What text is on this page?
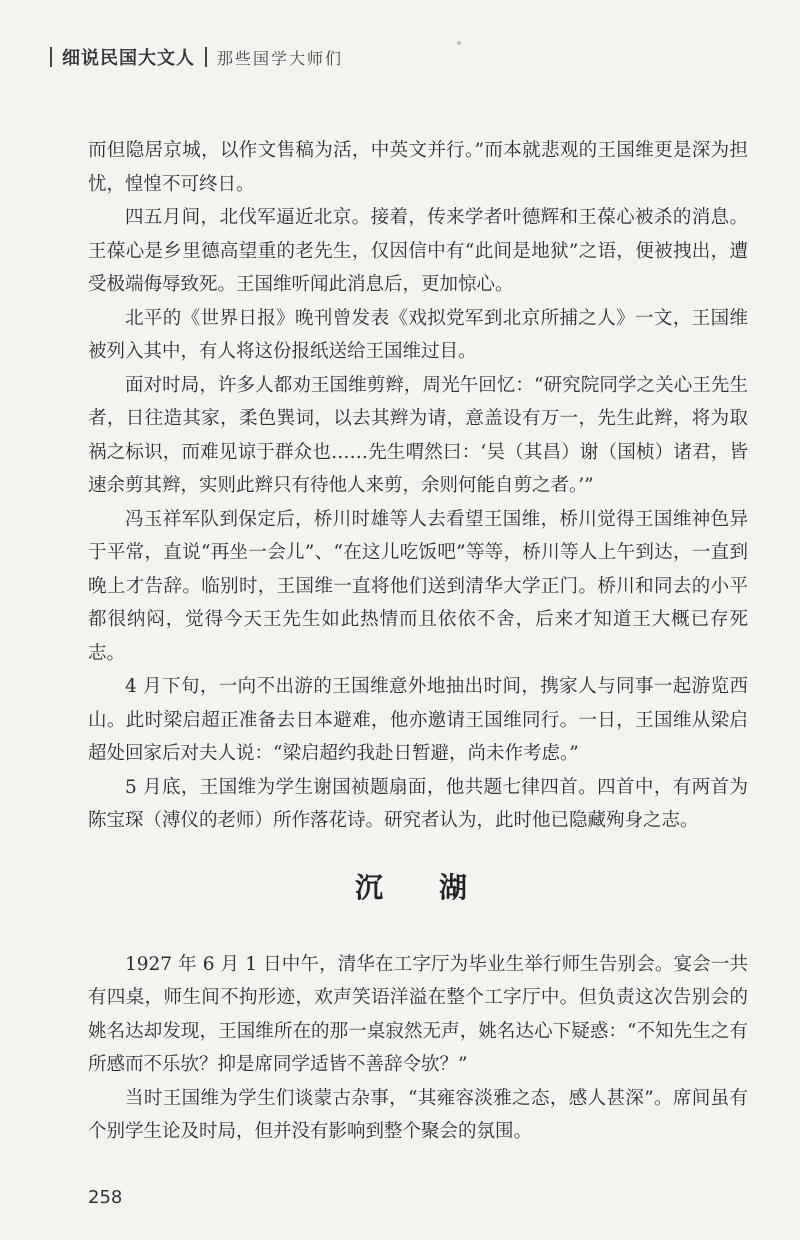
细说民国大文人 那些国学大师们

而但隐居京城，以作文售稿为活，中英文并行。”而本就悲观的王国维更是深为担忧，惶惶不可终日。

四五月间，北伐军逼近北京。接着，传来学者叶德辉和王葆心被杀的消息。王葆心是乡里德高望重的老先生，仅因信中有“此间是地狱”之语，便被拽出，遭受极端侮辱致死。王国维听闻此消息后，更加惊心。

北平的《世界日报》晚刊曾发表《戏拟党军到北京所捕之人》一文，王国维被列入其中，有人将这份报纸送给王国维过目。

面对时局，许多人都劝王国维剪辫，周光午回忆：“研究院同学之关心王先生者，日往造其家，柔色巽词，以去其辫为请，意盖设有万一，先生此辫，将为取祸之标识，而难见谅于群众也……先生喟然曰：‘吴（其昌）谢（国桢）诸君，皆速余剪其辫，实则此辫只有待他人来剪，余则何能自剪之者。’”

冯玉祥军队到保定后，桥川时雄等人去看望王国维，桥川觉得王国维神色异于平常，直说“再坐一会儿”、“在这儿吃饭吧”等等，桥川等人上午到达，一直到晚上才告辞。临别时，王国维一直将他们送到清华大学正门。桥川和同去的小平都很纳闷，觉得今天王先生如此热情而且依依不舍，后来才知道王大概已存死志。

4 月下旬，一向不出游的王国维意外地抽出时间，携家人与同事一起游览西山。此时梁启超正准备去日本避难，他亦邀请王国维同行。一日，王国维从梁启超处回家后对夫人说：“梁启超约我赴日暂避，尚未作考虑。”

5 月底，王国维为学生谢国祯题扇面，他共题七律四首。四首中，有两首为陈宝琛（溥仪的老师）所作落花诗。研究者认为，此时他已隐藏殉身之志。

沉　湖

1927 年 6 月 1 日中午，清华在工字厅为毕业生举行师生告别会。宴会一共有四桌，师生间不拘形迹，欢声笑语洋溢在整个工字厅中。但负责这次告别会的姚名达却发现，王国维所在的那一桌寂然无声，姚名达心下疑惑：“不知先生之有所感而不乐欤？抑是席同学适皆不善辞令欤？”

当时王国维为学生们谈蒙古杂事，“其雍容淡雅之态，感人甚深”。席间虽有个别学生论及时局，但并没有影响到整个聚会的氛围。

258
